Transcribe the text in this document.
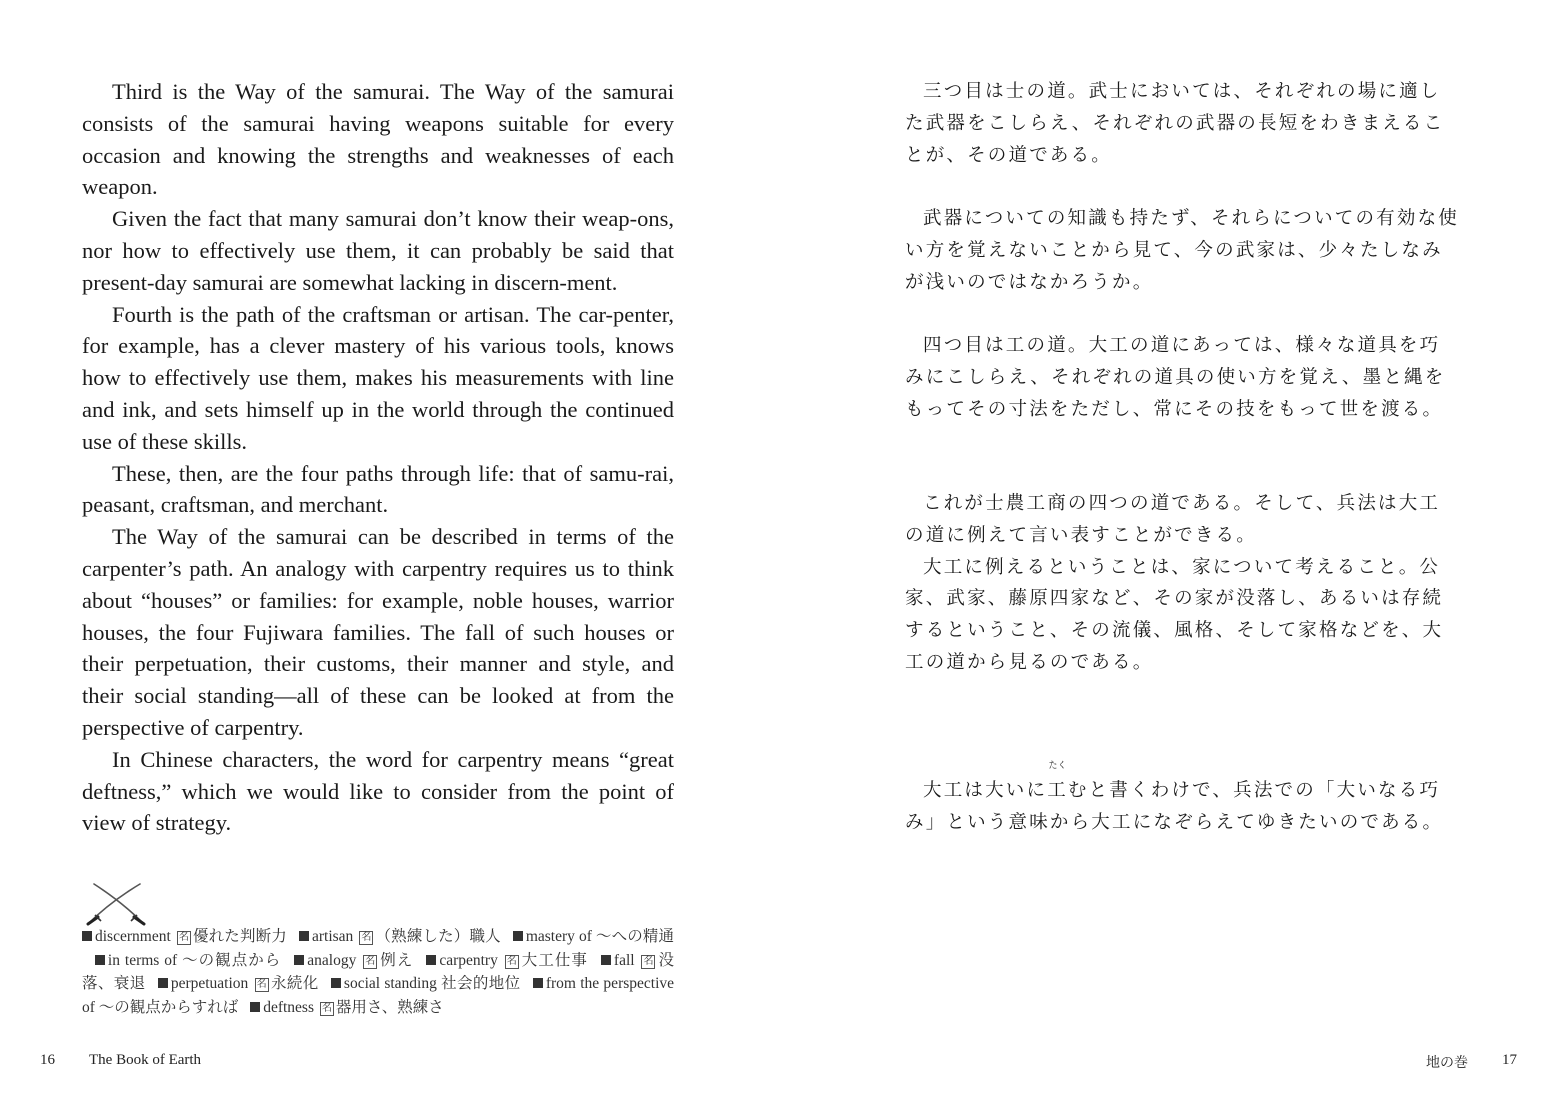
Third is the Way of the samurai. The Way of the samurai consists of the samurai having weapons suitable for every occasion and knowing the strengths and weaknesses of each weapon.

Given the fact that many samurai don’t know their weap-ons, nor how to effectively use them, it can probably be said that present-day samurai are somewhat lacking in discern-ment.

Fourth is the path of the craftsman or artisan. The car-penter, for example, has a clever mastery of his various tools, knows how to effectively use them, makes his measurements with line and ink, and sets himself up in the world through the continued use of these skills.

These, then, are the four paths through life: that of samu-rai, peasant, craftsman, and merchant.

The Way of the samurai can be described in terms of the carpenter’s path. An analogy with carpentry requires us to think about “houses” or families: for example, noble houses, warrior houses, the four Fujiwara families. The fall of such houses or their perpetuation, their customs, their manner and style, and their social standing—all of these can be looked at from the perspective of carpentry.

In Chinese characters, the word for carpentry means “great deftness,” which we would like to consider from the point of view of strategy.

discernment 名 優れた判断力 artisan 名 （熟練した）職人 mastery of ～への精通 in terms of ～の観点から analogy 名 例え carpentry 名 大工仕事 fall 名 没落、衰退 perpetuation 名 永続化 social standing 社会的地位 from the perspective of ～の観点からすれば deftness 名 器用さ、熟練さ
16 The Book of Earth

三つ目は士の道。武士においては、それぞれの場に適した武器をこしらえ、それぞれの武器の長短をわきまえることが、その道である。

武器についての知識も持たず、それらについての有効な使い方を覚えないことから見て、今の武家は、少々たしなみが浅いのではなかろうか。

四つ目は工の道。大工の道にあっては、様々な道具を巧みにこしらえ、それぞれの道具の使い方を覚え、墨と縄をもってその寸法をただし、常にその技をもって世を渡る。

これが士農工商の四つの道である。そして、兵法は大工の道に例えて言い表すことができる。

大工に例えるということは、家について考えること。公家、武家、藤原四家など、その家が没落し、あるいは存続するということ、その流儀、風格、そして家格などを、大工の道から見るのである。

大工は大いに
たく
工むと書くわけで、兵法での「大いなる巧み」という意味から大工になぞらえてゆきたいのである。

地の巻 17
